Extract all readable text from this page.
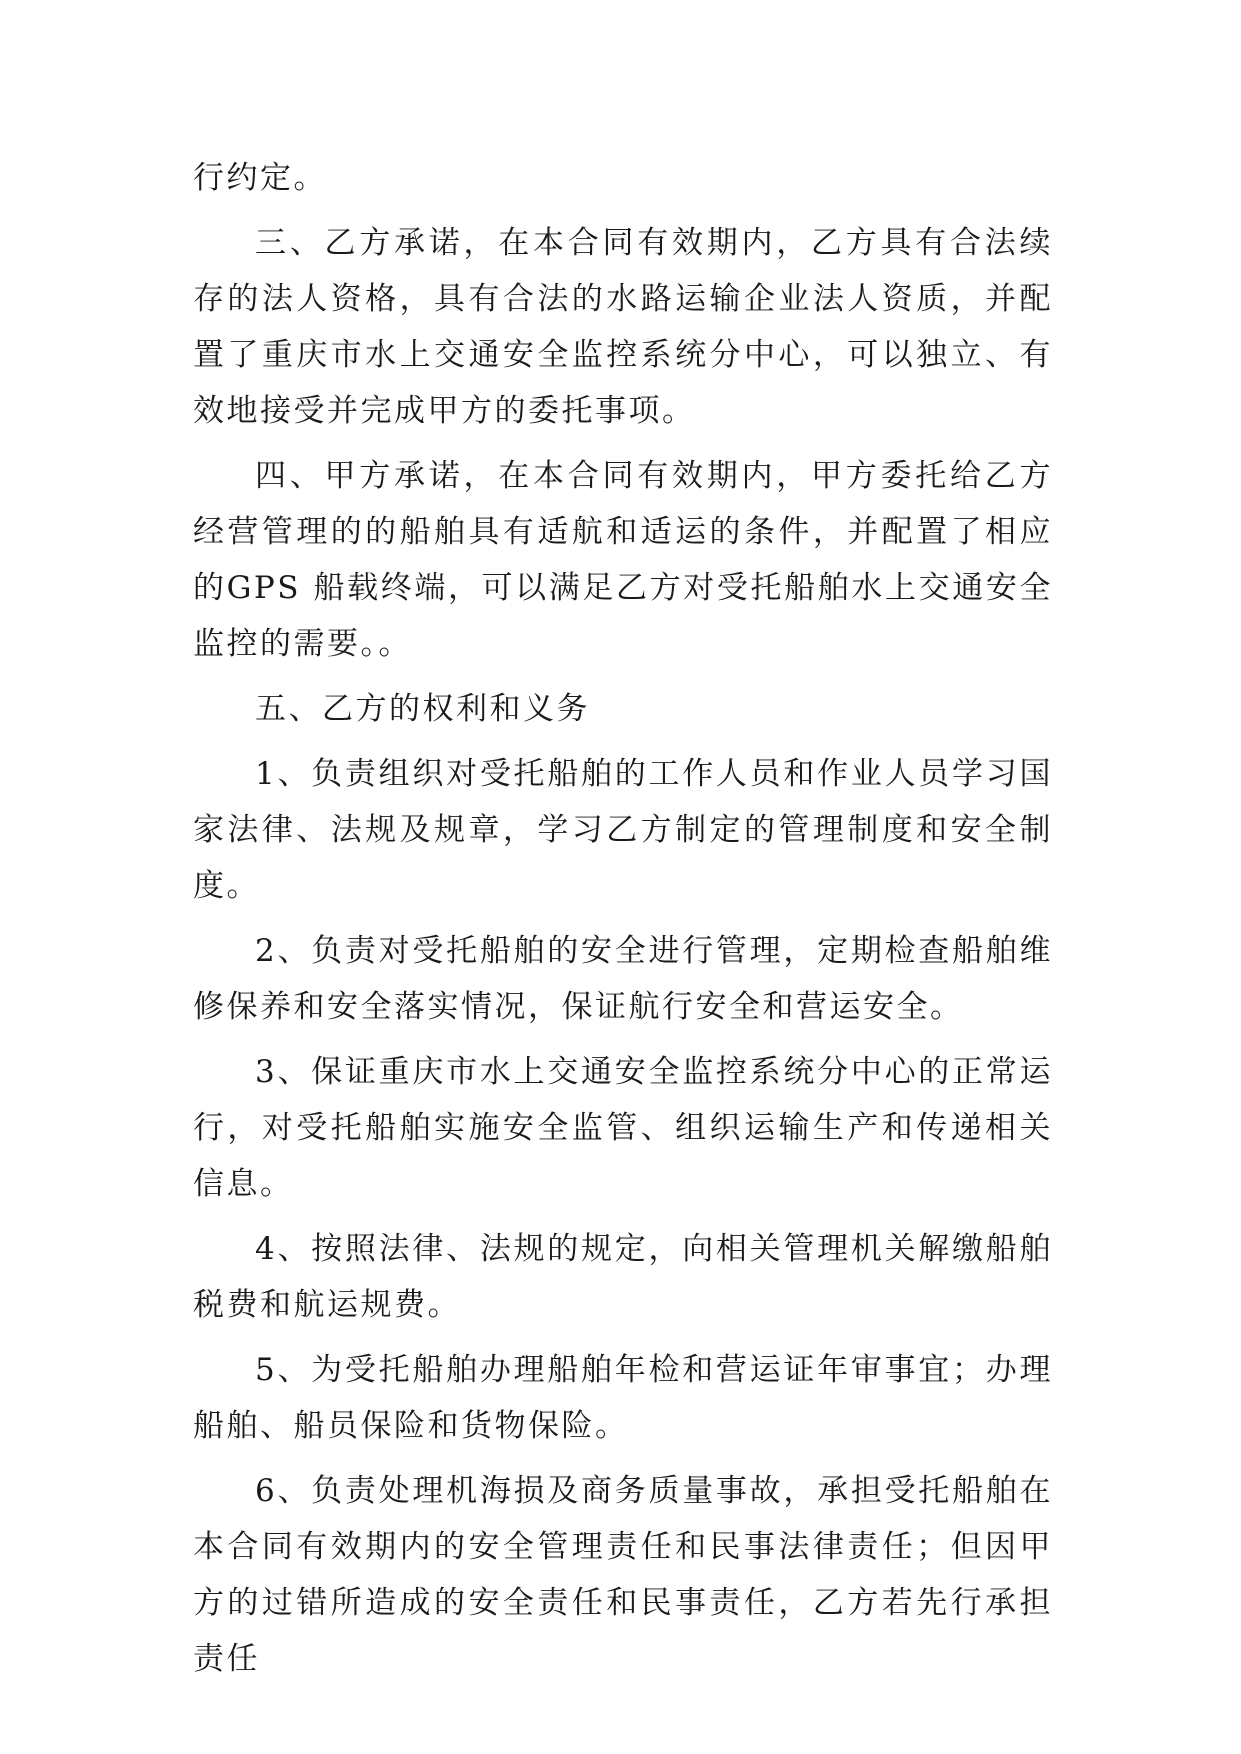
行约定。

三、乙方承诺，在本合同有效期内，乙方具有合法续存的法人资格，具有合法的水路运输企业法人资质，并配置了重庆市水上交通安全监控系统分中心，可以独立、有效地接受并完成甲方的委托事项。

四、甲方承诺，在本合同有效期内，甲方委托给乙方经营管理的的船舶具有适航和适运的条件，并配置了相应的GPS 船载终端，可以满足乙方对受托船舶水上交通安全监控的需要。。

五、乙方的权利和义务

1、负责组织对受托船舶的工作人员和作业人员学习国家法律、法规及规章，学习乙方制定的管理制度和安全制度。

2、负责对受托船舶的安全进行管理，定期检查船舶维修保养和安全落实情况，保证航行安全和营运安全。

3、保证重庆市水上交通安全监控系统分中心的正常运行，对受托船舶实施安全监管、组织运输生产和传递相关信息。

4、按照法律、法规的规定，向相关管理机关解缴船舶税费和航运规费。

5、为受托船舶办理船舶年检和营运证年审事宜；办理船舶、船员保险和货物保险。

6、负责处理机海损及商务质量事故，承担受托船舶在本合同有效期内的安全管理责任和民事法律责任；但因甲方的过错所造成的安全责任和民事责任，乙方若先行承担责任
